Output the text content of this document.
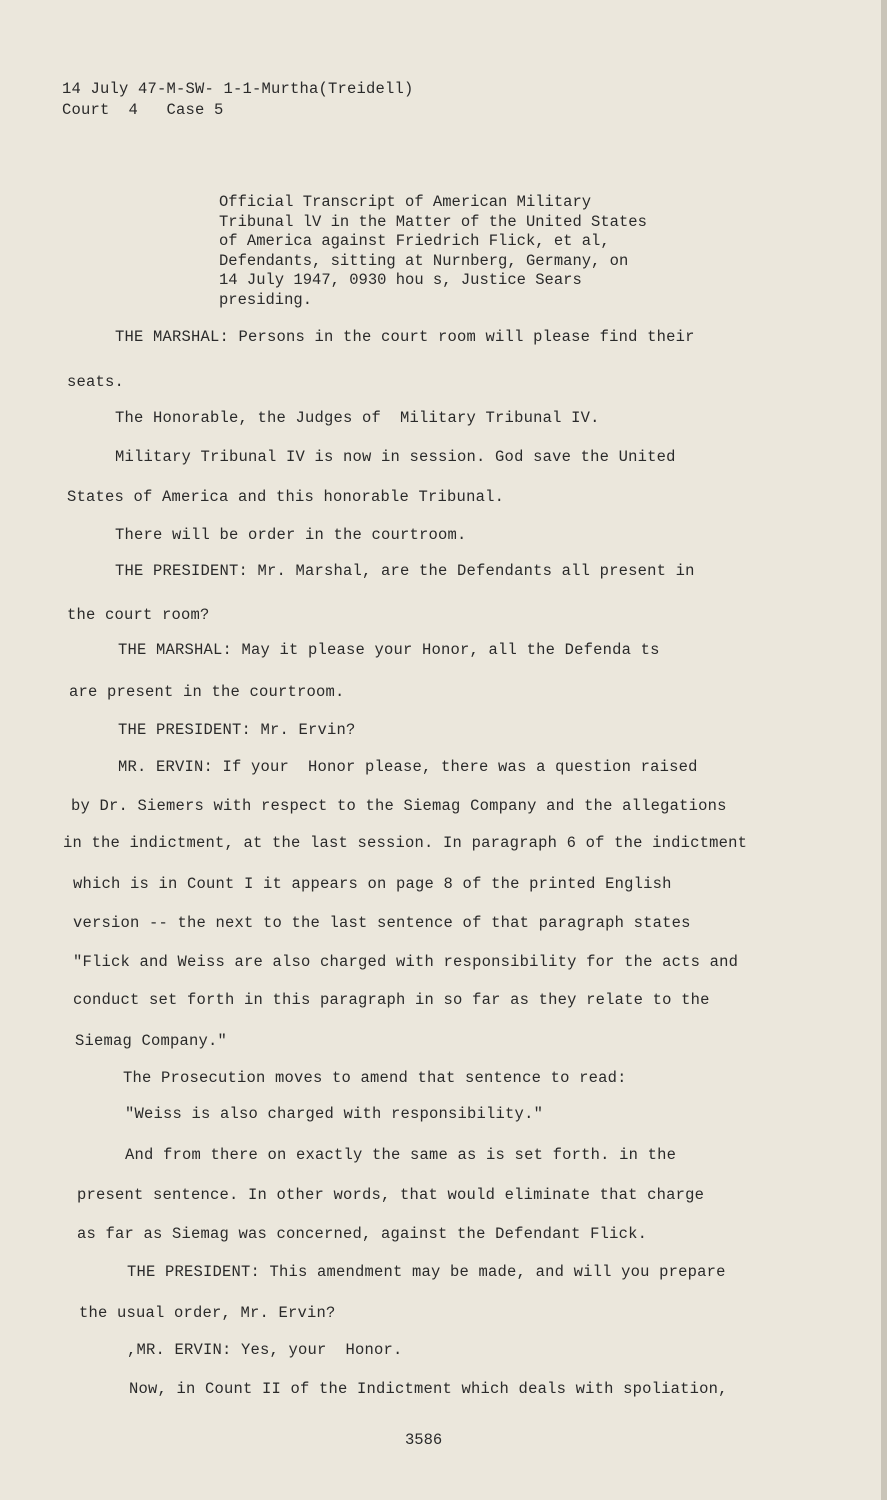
14 July 47-M-SW- 1-1-Murtha(Treidell)
Court  4   Case 5
Official Transcript of American Military
Tribunal lV in the Matter of the United States
of America against Friedrich Flick, et al,
Defendants, sitting at Nurnberg, Germany, on
14 July 1947, 0930 hou s, Justice Sears
presiding.
THE MARSHAL: Persons in the court room will please find their
seats.
The Honorable, the Judges of  Military Tribunal IV.
Military Tribunal IV is now in session. God save the United
States of America and this honorable Tribunal.
There will be order in the courtroom.
THE PRESIDENT: Mr. Marshal, are the Defendants all present in
the court room?
THE MARSHAL: May it please your Honor, all the Defenda ts
are present in the courtroom.
THE PRESIDENT: Mr. Ervin?
MR. ERVIN: If your  Honor please, there was a question raised
by Dr. Siemers with respect to the Siemag Company and the allegations
in the indictment, at the last session. In paragraph 6 of the indictment
which is in Count I it appears on page 8 of the printed English
version -- the next to the last sentence of that paragraph states
"Flick and Weiss are also charged with responsibility for the acts and
conduct set forth in this paragraph in so far as they relate to the
Siemag Company."
The Prosecution moves to amend that sentence to read:
"Weiss is also charged with responsibility."
And from there on exactly the same as is set forth. in the
present sentence. In other words, that would eliminate that charge
as far as Siemag was concerned, against the Defendant Flick.
THE PRESIDENT: This amendment may be made, and will you prepare
the usual order, Mr. Ervin?
,MR. ERVIN: Yes, your  Honor.
Now, in Count II of the Indictment which deals with spoliation,
3586
